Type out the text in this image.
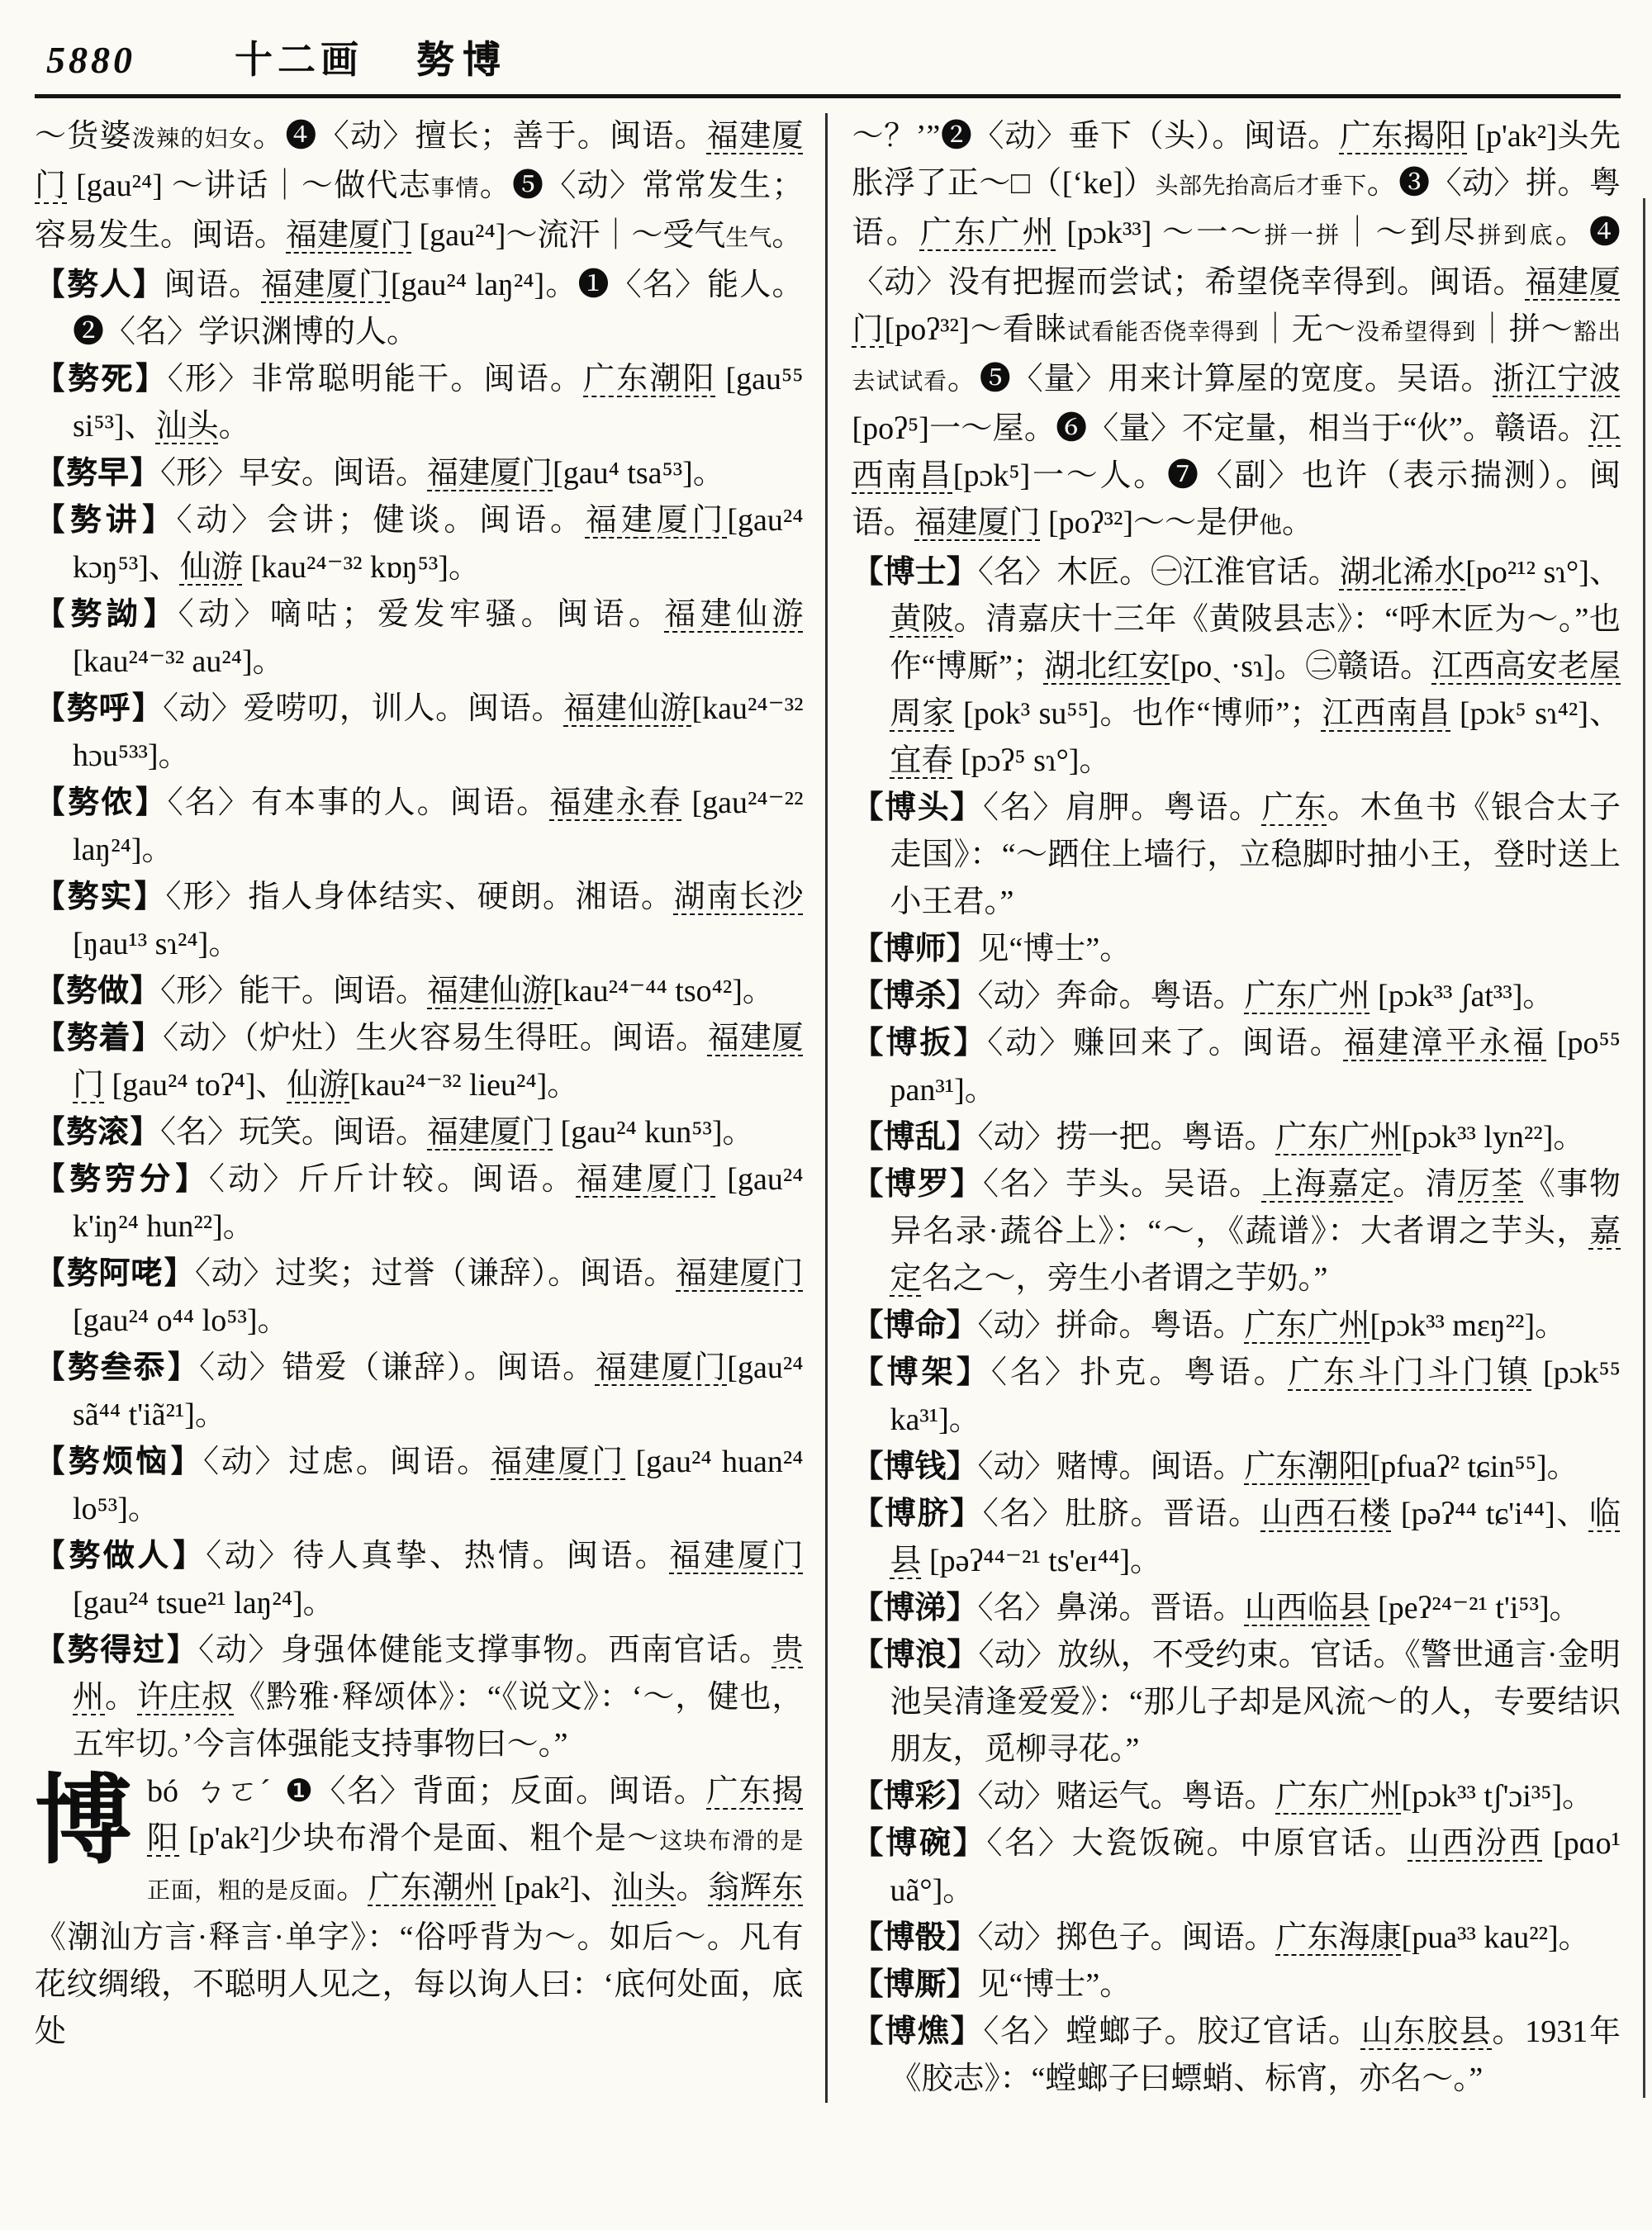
5880	十二画 𠢕博

～货婆泼辣的妇女。❹〈动〉擅长；善于。闽语。福建厦门 [gau²⁴] ～讲话｜～做代志事情。❺〈动〉常常发生；容易发生。闽语。福建厦门 [gau²⁴]～流汗｜～受气生气。

【𠢕人】闽语。福建厦门[gau²⁴ laŋ²⁴]。❶〈名〉能人。❷〈名〉学识渊博的人。

【𠢕死】〈形〉非常聪明能干。闽语。广东潮阳 [gau⁵⁵ si⁵³]、汕头。

【𠢕早】〈形〉早安。闽语。福建厦门[gau⁴ tsa⁵³]。

【𠢕讲】〈动〉会讲；健谈。闽语。福建厦门[gau²⁴ kɔŋ⁵³]、仙游 [kau²⁴⁻³² kɒŋ⁵³]。

【𠢕詏】〈动〉嘀咕；爱发牢骚。闽语。福建仙游 [kau²⁴⁻³² au²⁴]。

【𠢕呼】〈动〉爱唠叨，训人。闽语。福建仙游[kau²⁴⁻³² hɔu⁵³³]。

【𠢕侬】〈名〉有本事的人。闽语。福建永春 [gau²⁴⁻²² laŋ²⁴]。

【𠢕实】〈形〉指人身体结实、硬朗。湘语。湖南长沙 [ŋau¹³ sɿ²⁴]。

【𠢕做】〈形〉能干。闽语。福建仙游[kau²⁴⁻⁴⁴ tso⁴²]。

【𠢕着】〈动〉（炉灶）生火容易生得旺。闽语。福建厦门 [gau²⁴ toʔ⁴]、仙游[kau²⁴⁻³² lieu²⁴]。

【𠢕滚】〈名〉玩笑。闽语。福建厦门 [gau²⁴ kun⁵³]。

【𠢕穷分】〈动〉斤斤计较。闽语。福建厦门 [gau²⁴ k'iŋ²⁴ hun²²]。

【𠢕阿咾】〈动〉过奖；过誉（谦辞）。闽语。福建厦门 [gau²⁴ o⁴⁴ lo⁵³]。

【𠢕叁忝】〈动〉错爱（谦辞）。闽语。福建厦门[gau²⁴ sã⁴⁴ t'iã²¹]。

【𠢕烦恼】〈动〉过虑。闽语。福建厦门 [gau²⁴ huan²⁴ lo⁵³]。

【𠢕做人】〈动〉待人真挚、热情。闽语。福建厦门 [gau²⁴ tsue²¹ laŋ²⁴]。

【𠢕得过】〈动〉身强体健能支撑事物。西南官话。贵州。许庄叔《黔雅·释颂体》：“《说文》：‘～，健也，五牢切。’今言体强能支持事物曰～。”

博bó ㄅㄛˊ ❶〈名〉背面；反面。闽语。广东揭阳 [p'ak²]少块布滑个是面、粗个是～这块布滑的是正面，粗的是反面。广东潮州 [pak²]、汕头。翁辉东《潮汕方言·释言·单字》：“俗呼背为～。如后～。凡有花纹绸缎，不聪明人见之，每以询人曰：‘底何处面，底处

～？’”❷〈动〉垂下（头）。闽语。广东揭阳 [p'ak²]头先胀浮了正～□（[ʻke]）头部先抬高后才垂下。❸〈动〉拼。粤语。广东广州 [pɔk³³] ～一～拼一拼｜～到尽拼到底。❹〈动〉没有把握而尝试；希望侥幸得到。闽语。福建厦门[poʔ³²]～看睐试看能否侥幸得到｜无～没希望得到｜拼～豁出去试试看。❺〈量〉用来计算屋的宽度。吴语。浙江宁波[poʔ⁵]一～屋。❻〈量〉不定量，相当于“伙”。赣语。江西南昌[pɔk⁵]一～人。❼〈副〉也许（表示揣测）。闽语。福建厦门 [poʔ³²]～～是伊他。

【博士】〈名〉木匠。㊀江淮官话。湖北浠水[po²¹² sɿ°]、黄陂。清嘉庆十三年《黄陂县志》：“呼木匠为～。”也作“博厮”；湖北红安[poˎ ·sɿ]。㊁赣语。江西高安老屋周家 [pok³ su⁵⁵]。也作“博师”；江西南昌 [pɔk⁵ sɿ⁴²]、宜春 [pɔʔ⁵ sɿ°]。

【博头】〈名〉肩胛。粤语。广东。木鱼书《银合太子走国》：“～跴住上墙行，立稳脚时抽小王，登时送上小王君。”

【博师】见“博士”。

【博杀】〈动〉奔命。粤语。广东广州 [pɔk³³ ʃat³³]。

【博扳】〈动〉赚回来了。闽语。福建漳平永福 [po⁵⁵ pan³¹]。

【博乱】〈动〉捞一把。粤语。广东广州[pɔk³³ lyn²²]。

【博罗】〈名〉芋头。吴语。上海嘉定。清厉荃《事物异名录·蔬谷上》：“～，《蔬谱》：大者谓之芋头，嘉定名之～，旁生小者谓之芋奶。”

【博命】〈动〉拼命。粤语。广东广州[pɔk³³ mɛŋ²²]。

【博架】〈名〉扑克。粤语。广东斗门斗门镇 [pɔk⁵⁵ ka³¹]。

【博钱】〈动〉赌博。闽语。广东潮阳[pfuaʔ² tɕin⁵⁵]。

【博脐】〈名〉肚脐。晋语。山西石楼 [pəʔ⁴⁴ tɕ'i⁴⁴]、临县 [pəʔ⁴⁴⁻²¹ ts'eɪ⁴⁴]。

【博涕】〈名〉鼻涕。晋语。山西临县 [peʔ²⁴⁻²¹ t'i⁵³]。

【博浪】〈动〉放纵，不受约束。官话。《警世通言·金明池吴清逢爱爱》：“那儿子却是风流～的人，专要结识朋友，觅柳寻花。”

【博彩】〈动〉赌运气。粤语。广东广州[pɔk³³ tʃ'ɔi³⁵]。

【博碗】〈名〉大瓷饭碗。中原官话。山西汾西 [pɑo¹ uã°]。

【博骰】〈动〉掷色子。闽语。广东海康[pua³³ kau²²]。

【博厮】见“博士”。

【博燋】〈名〉螳螂子。胶辽官话。山东胶县。1931年《胶志》：“螳螂子曰螵蛸、标宵，亦名～。”
